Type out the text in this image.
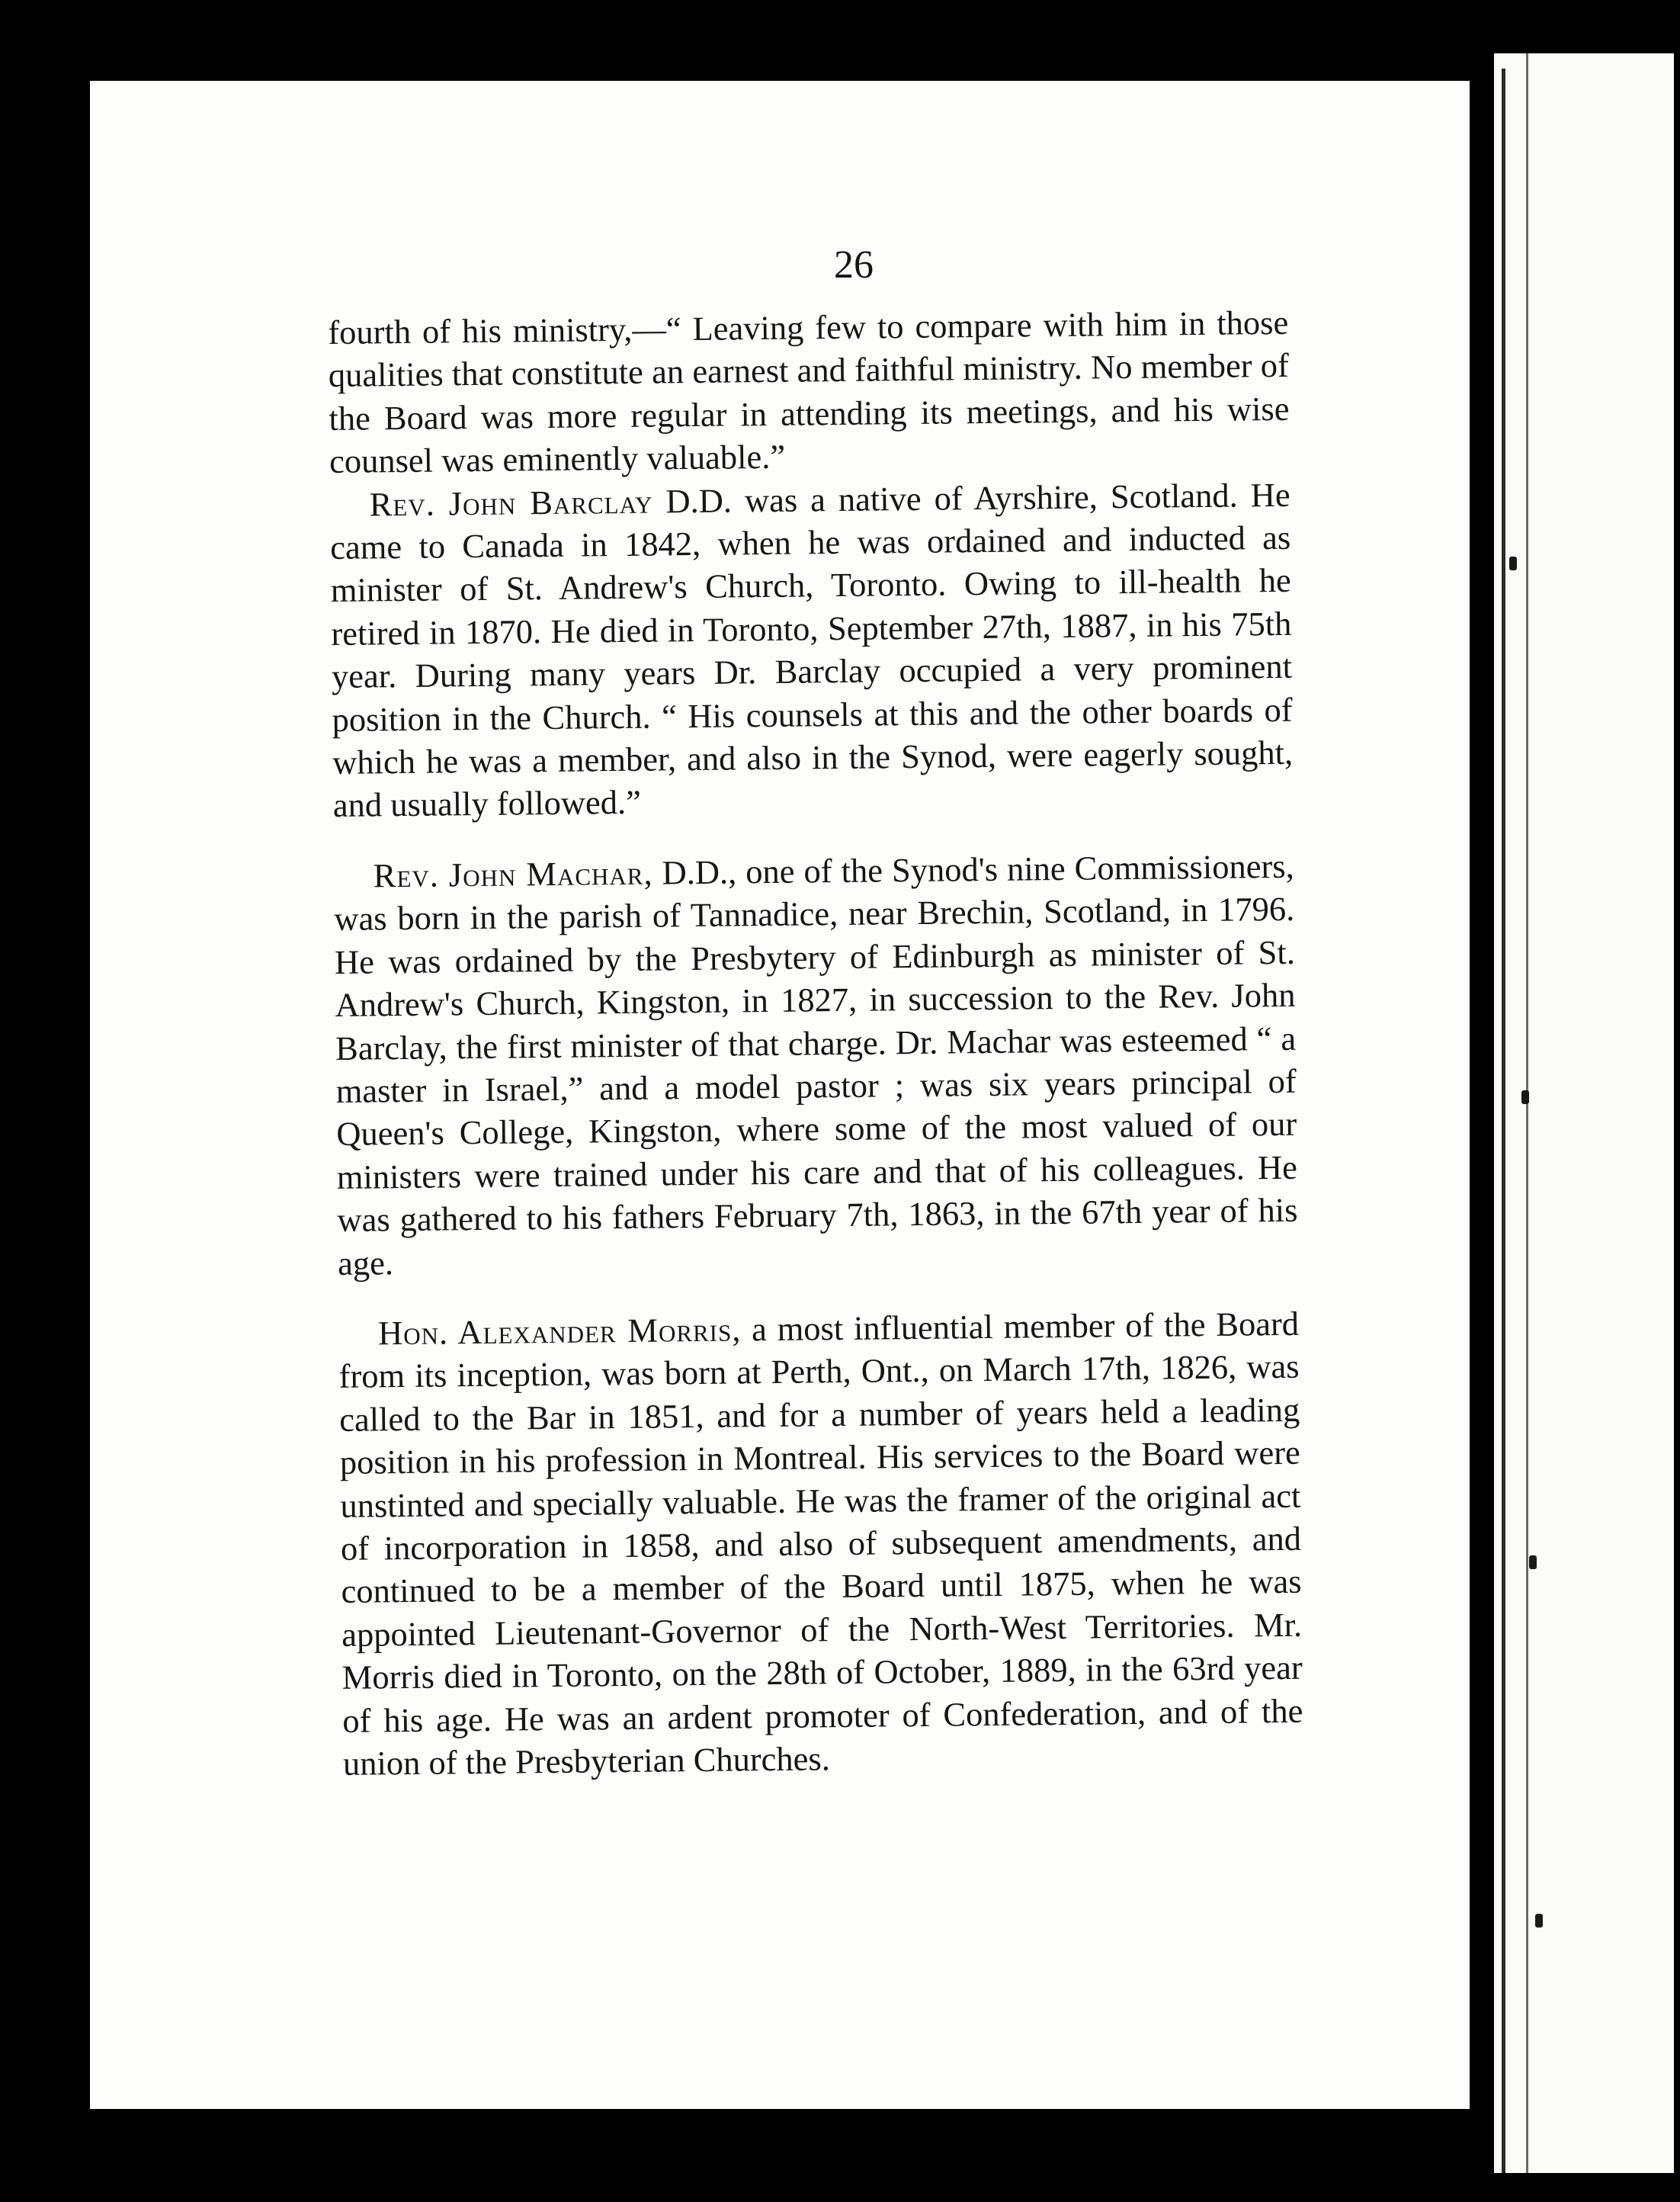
26

fourth of his ministry,—“ Leaving few to compare with him in those qualities that constitute an earnest and faithful ministry. No member of the Board was more regular in attending its meetings, and his wise counsel was eminently valuable.”

Rev. John Barclay D.D. was a native of Ayrshire, Scotland. He came to Canada in 1842, when he was ordained and inducted as minister of St. Andrew's Church, Toronto. Owing to ill-health he retired in 1870. He died in Toronto, September 27th, 1887, in his 75th year. During many years Dr. Barclay occupied a very prominent position in the Church. “ His counsels at this and the other boards of which he was a member, and also in the Synod, were eagerly sought, and usually followed.”

Rev. John Machar, D.D., one of the Synod's nine Commissioners, was born in the parish of Tannadice, near Brechin, Scotland, in 1796. He was ordained by the Presbytery of Edinburgh as minister of St. Andrew's Church, Kingston, in 1827, in succession to the Rev. John Barclay, the first minister of that charge. Dr. Machar was esteemed “ a master in Israel,” and a model pastor ; was six years principal of Queen's College, Kingston, where some of the most valued of our ministers were trained under his care and that of his colleagues. He was gathered to his fathers February 7th, 1863, in the 67th year of his age.

Hon. Alexander Morris, a most influential member of the Board from its inception, was born at Perth, Ont., on March 17th, 1826, was called to the Bar in 1851, and for a number of years held a leading position in his profession in Montreal. His services to the Board were unstinted and specially valuable. He was the framer of the original act of incorporation in 1858, and also of subsequent amendments, and continued to be a member of the Board until 1875, when he was appointed Lieutenant-Governor of the North-West Territories. Mr. Morris died in Toronto, on the 28th of October, 1889, in the 63rd year of his age. He was an ardent promoter of Confederation, and of the union of the Presbyterian Churches.
